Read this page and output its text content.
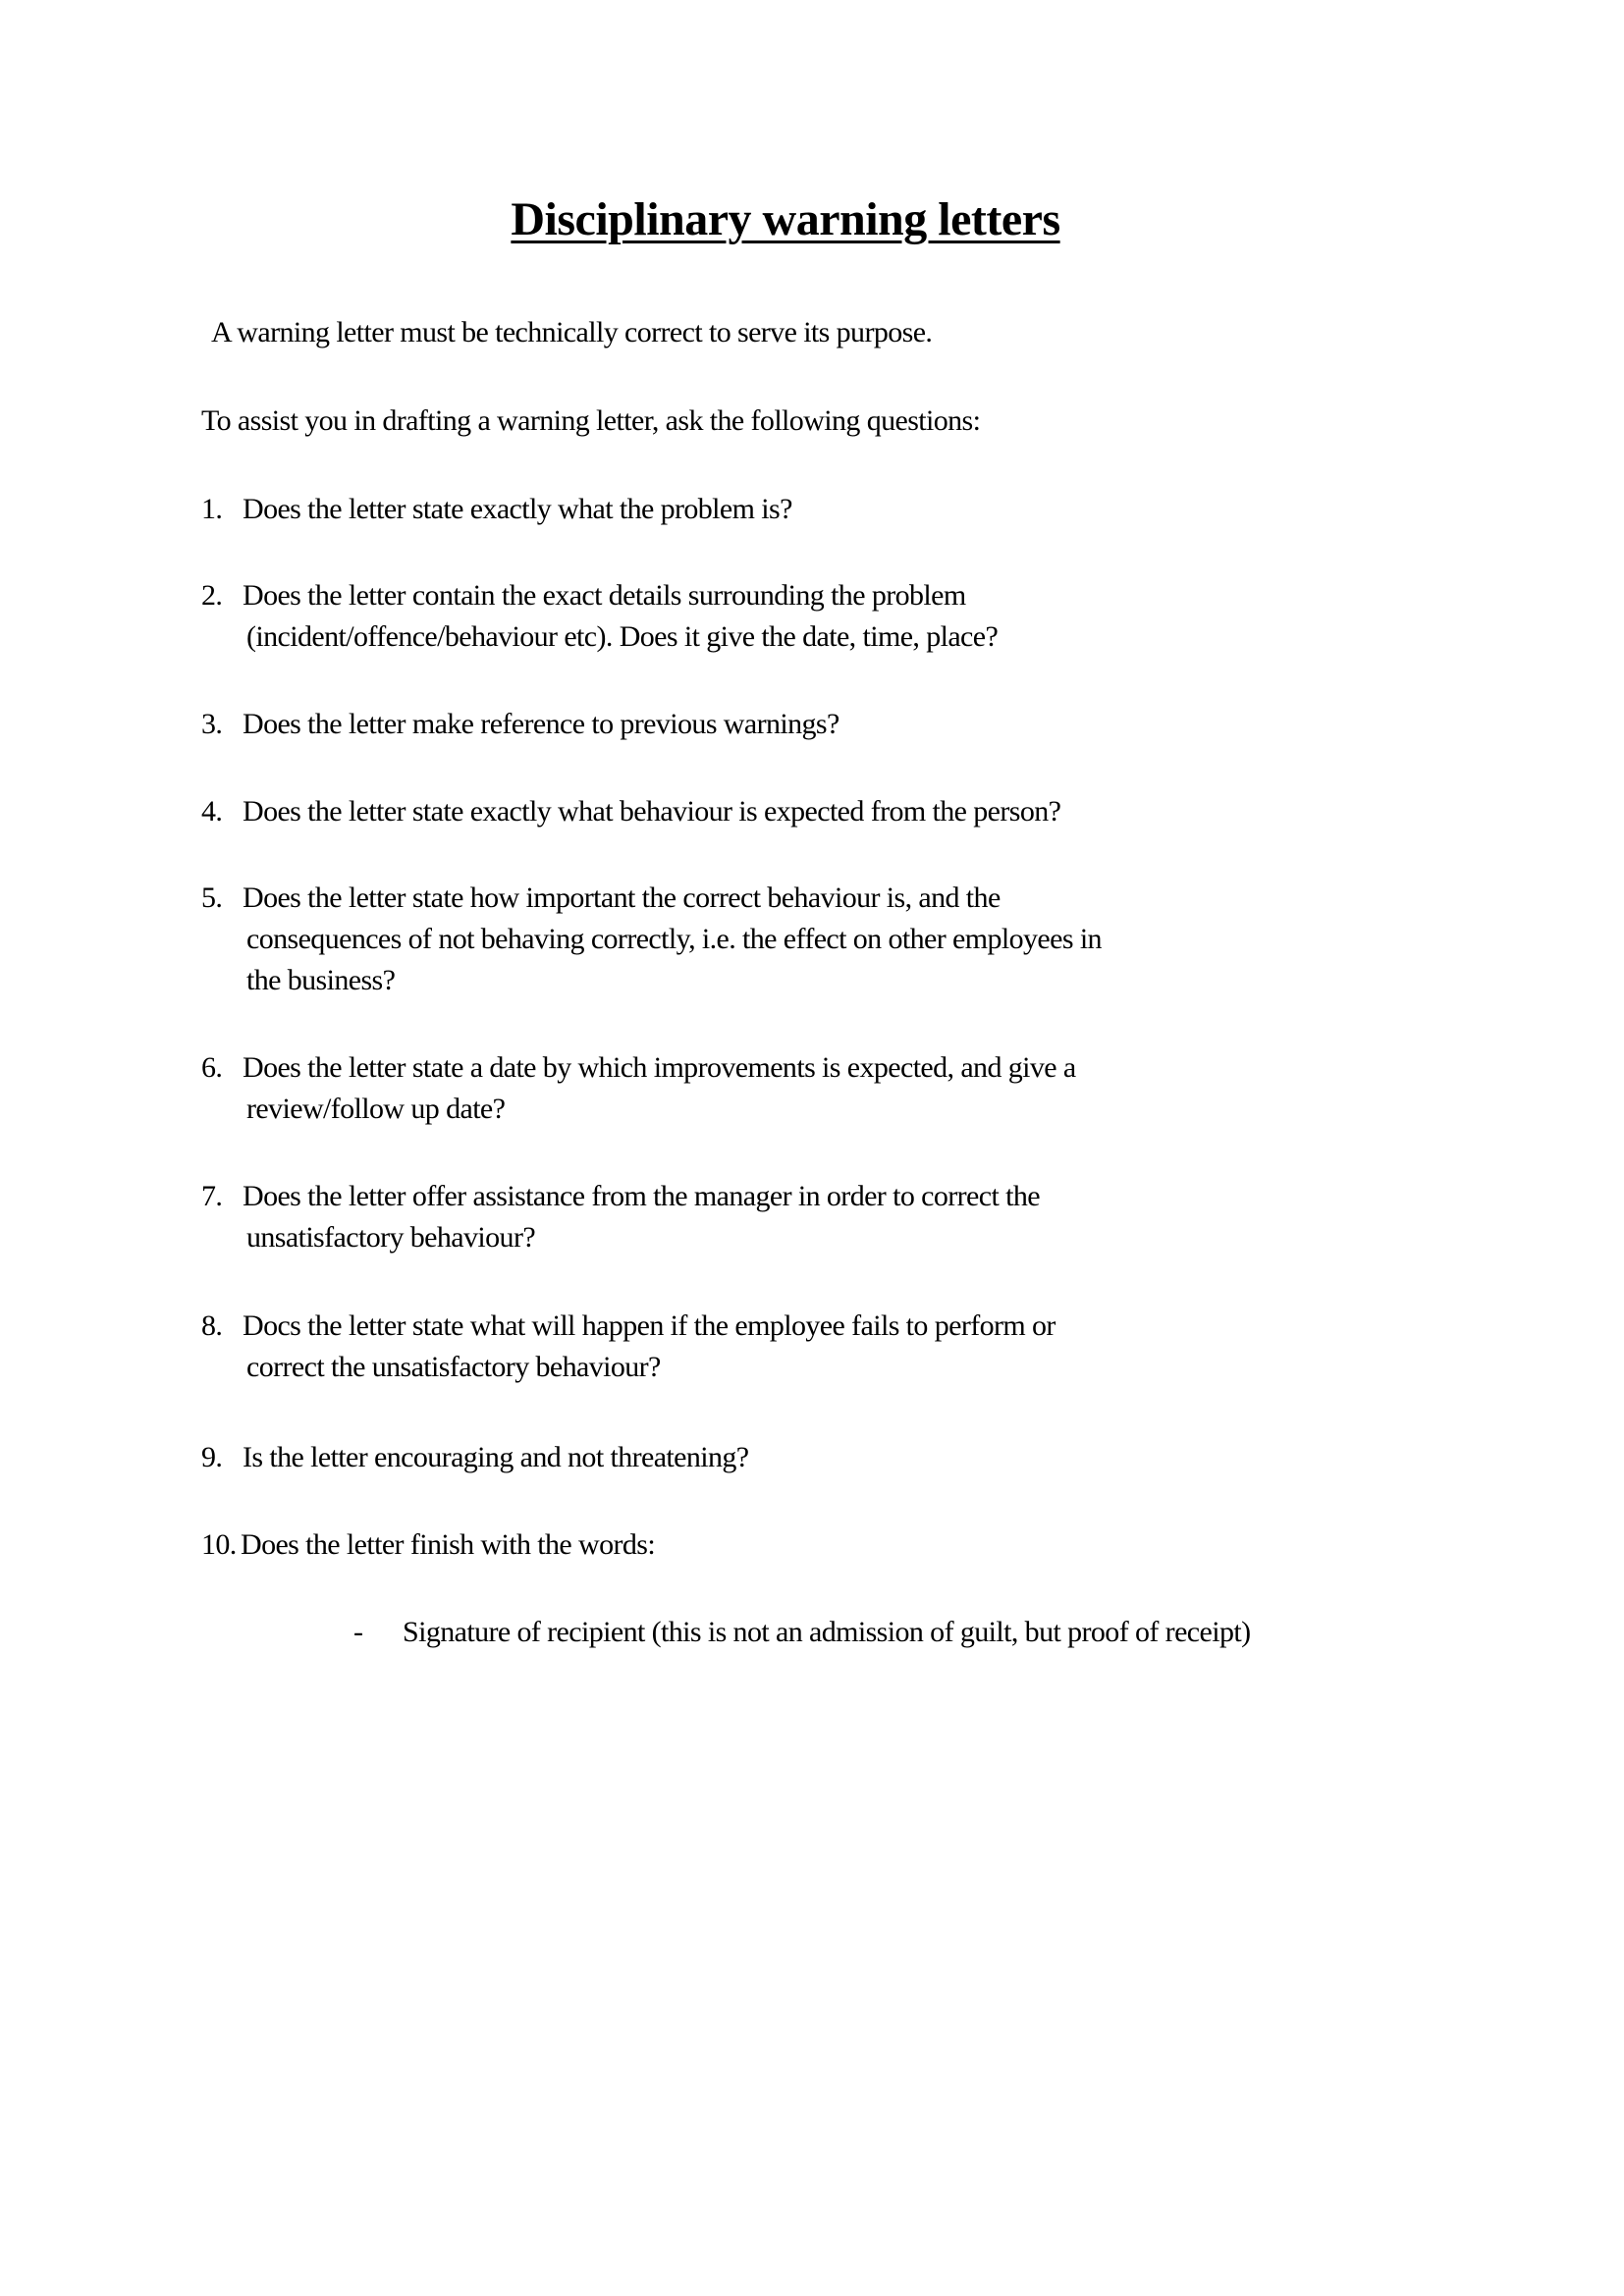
Disciplinary warning letters

A warning letter must be technically correct to serve its purpose.

To assist you in drafting a warning letter, ask the following questions:

1. Does the letter state exactly what the problem is?
2. Does the letter contain the exact details surrounding the problem
(incident/offence/behaviour etc). Does it give the date, time, place?
3. Does the letter make reference to previous warnings?
4. Does the letter state exactly what behaviour is expected from the person?
5. Does the letter state how important the correct behaviour is, and the
consequences of not behaving correctly, i.e. the effect on other employees in
the business?
6. Does the letter state a date by which improvements is expected, and give a
review/follow up date?
7. Does the letter offer assistance from the manager in order to correct the
unsatisfactory behaviour?
8. Docs the letter state what will happen if the employee fails to perform or
correct the unsatisfactory behaviour?
9. Is the letter encouraging and not threatening?
10. Does the letter finish with the words:
- Signature of recipient (this is not an admission of guilt, but proof of receipt)
